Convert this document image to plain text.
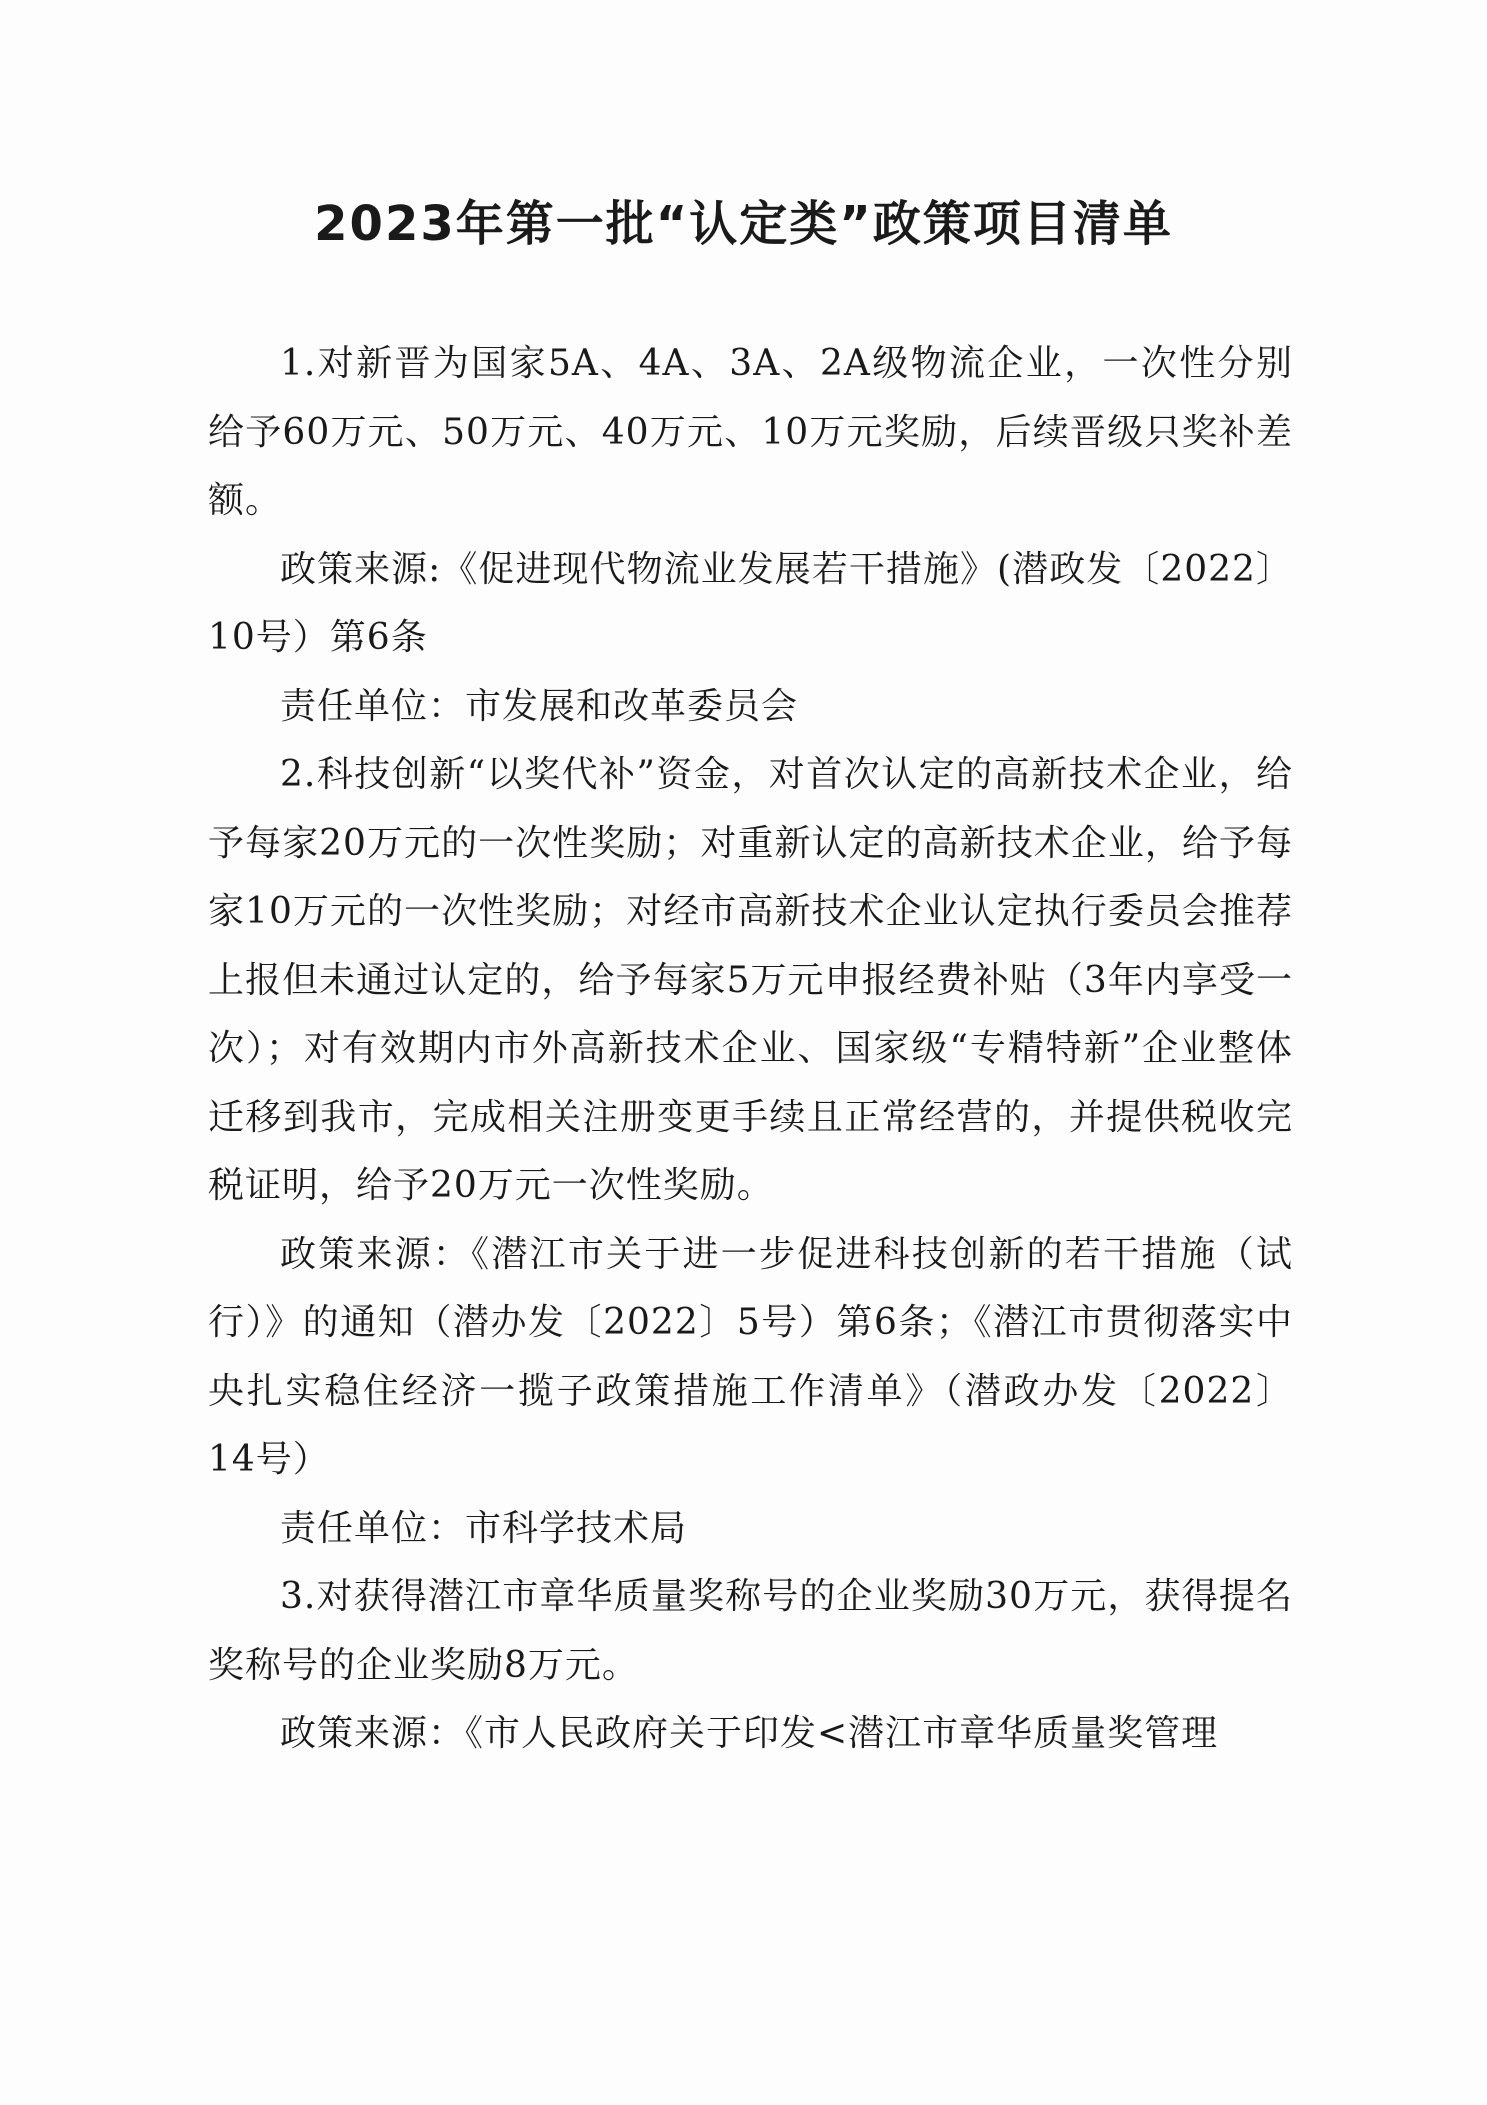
2023年第一批“认定类”政策项目清单

1.对新晋为国家5A、4A、3A、2A级物流企业，一次性分别给予60万元、50万元、40万元、10万元奖励，后续晋级只奖补差额。

政策来源:《促进现代物流业发展若干措施》(潜政发〔2022〕10号）第6条

责任单位：市发展和改革委员会

2.科技创新“以奖代补”资金，对首次认定的高新技术企业，给予每家20万元的一次性奖励；对重新认定的高新技术企业，给予每家10万元的一次性奖励；对经市高新技术企业认定执行委员会推荐上报但未通过认定的，给予每家5万元申报经费补贴（3年内享受一次）；对有效期内市外高新技术企业、国家级“专精特新”企业整体迁移到我市，完成相关注册变更手续且正常经营的，并提供税收完税证明，给予20万元一次性奖励。

政策来源：《潜江市关于进一步促进科技创新的若干措施（试行）》的通知（潜办发〔2022〕5号）第6条；《潜江市贯彻落实中央扎实稳住经济一揽子政策措施工作清单》（潜政办发〔2022〕14号）

责任单位：市科学技术局

3.对获得潜江市章华质量奖称号的企业奖励30万元，获得提名奖称号的企业奖励8万元。

政策来源：《市人民政府关于印发<潜江市章华质量奖管理
